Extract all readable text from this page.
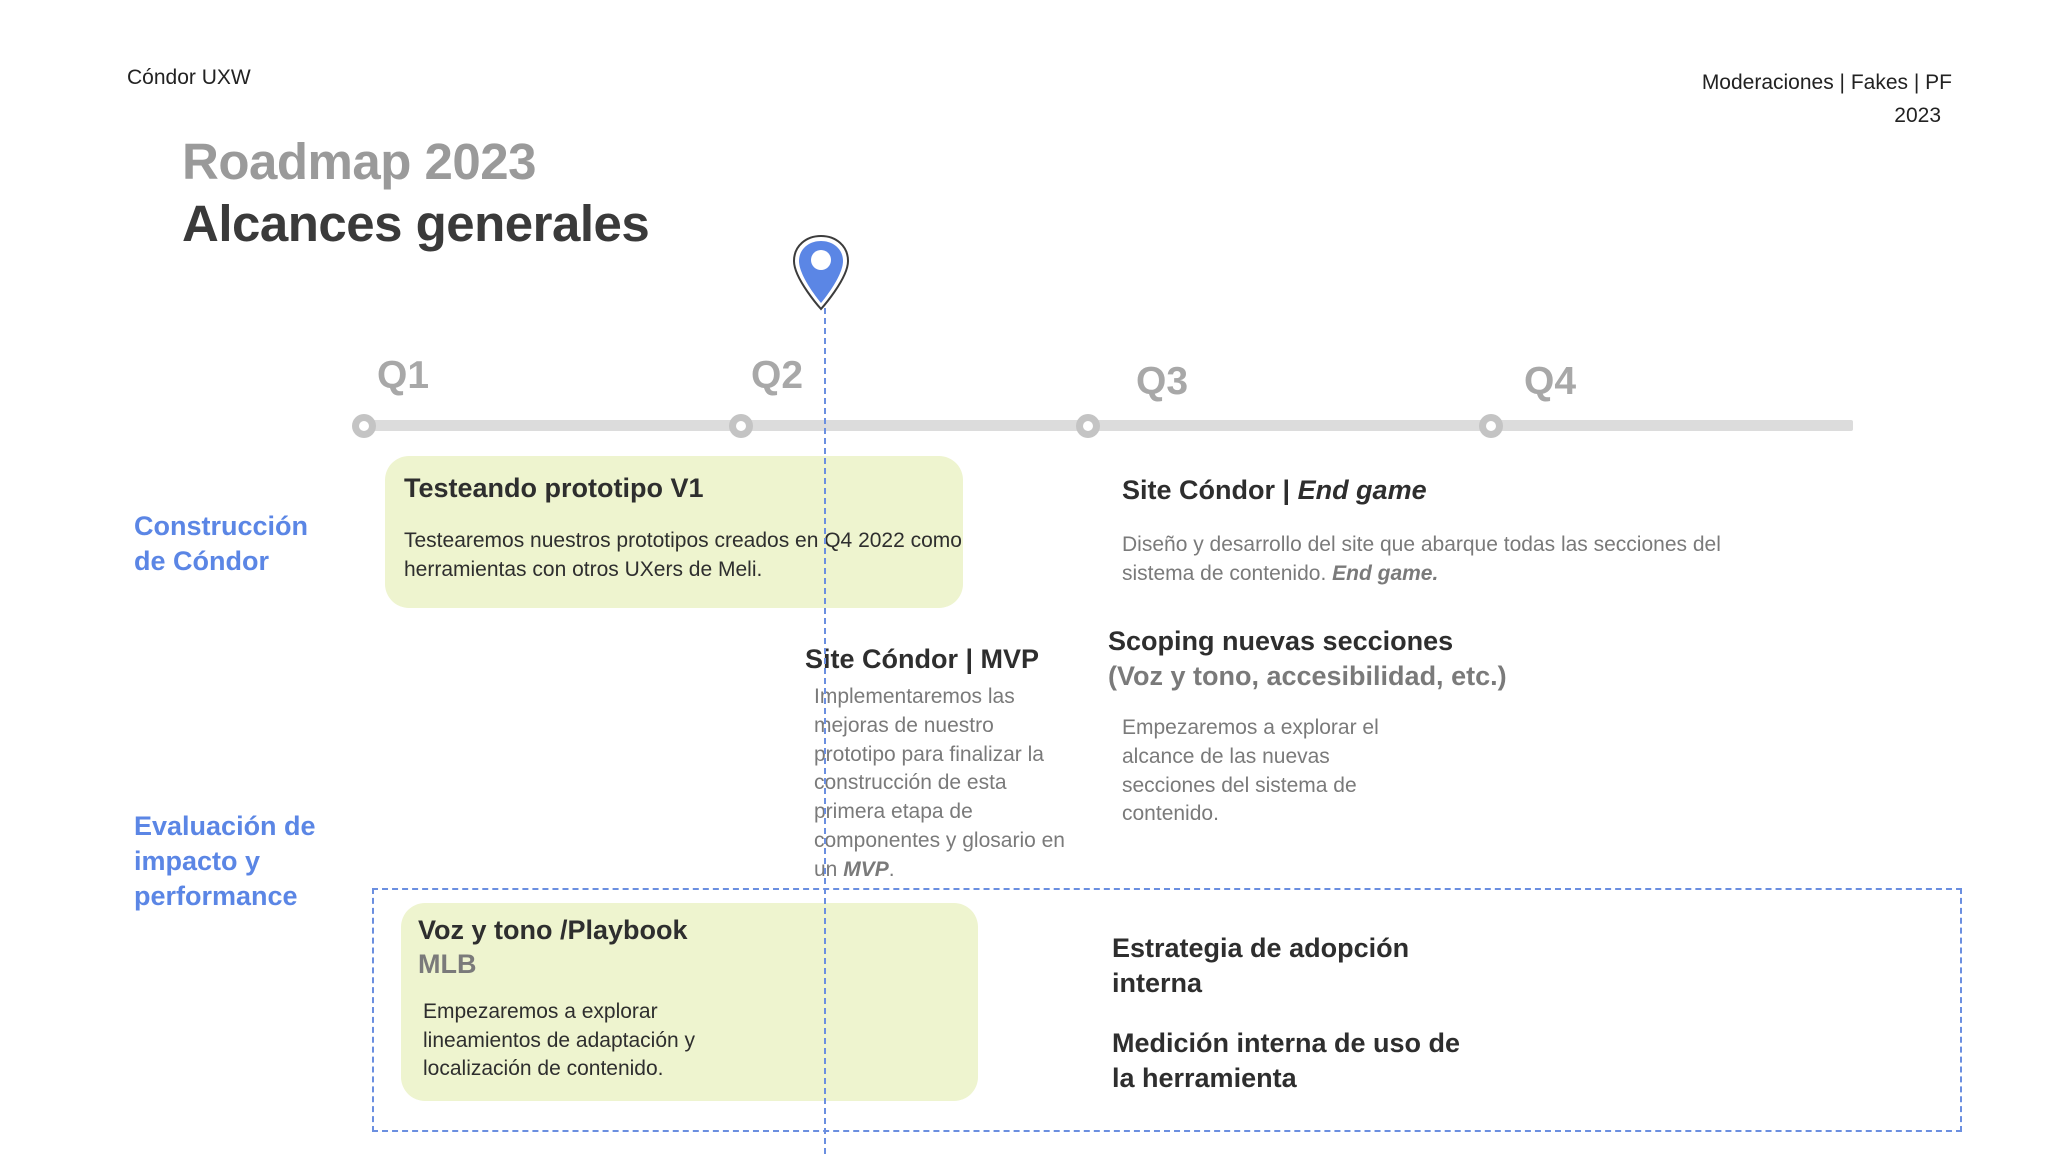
Cóndor UXW	Moderaciones | Fakes | PF
2023
Roadmap 2023
Alcances generales
Q1	Q2	Q3	Q4
Construcción de Cóndor
Evaluación de impacto y performance
Testeando prototipo V1
Testearemos nuestros prototipos creados en Q4 2022 como herramientas con otros UXers de Meli.
Site Cóndor | End game
Diseño y desarrollo del site que abarque todas las secciones del sistema de contenido. End game.
Site Cóndor | MVP
Implementaremos las mejoras de nuestro prototipo para finalizar la construcción de esta primera etapa de componentes y glosario en un MVP.
Scoping nuevas secciones
(Voz y tono, accesibilidad, etc.)
Empezaremos a explorar el alcance de las nuevas secciones del sistema de contenido.
Voz y tono /Playbook
MLB
Empezaremos a explorar lineamientos de adaptación y localización de contenido.
Estrategia de adopción interna
Medición interna de uso de la herramienta
